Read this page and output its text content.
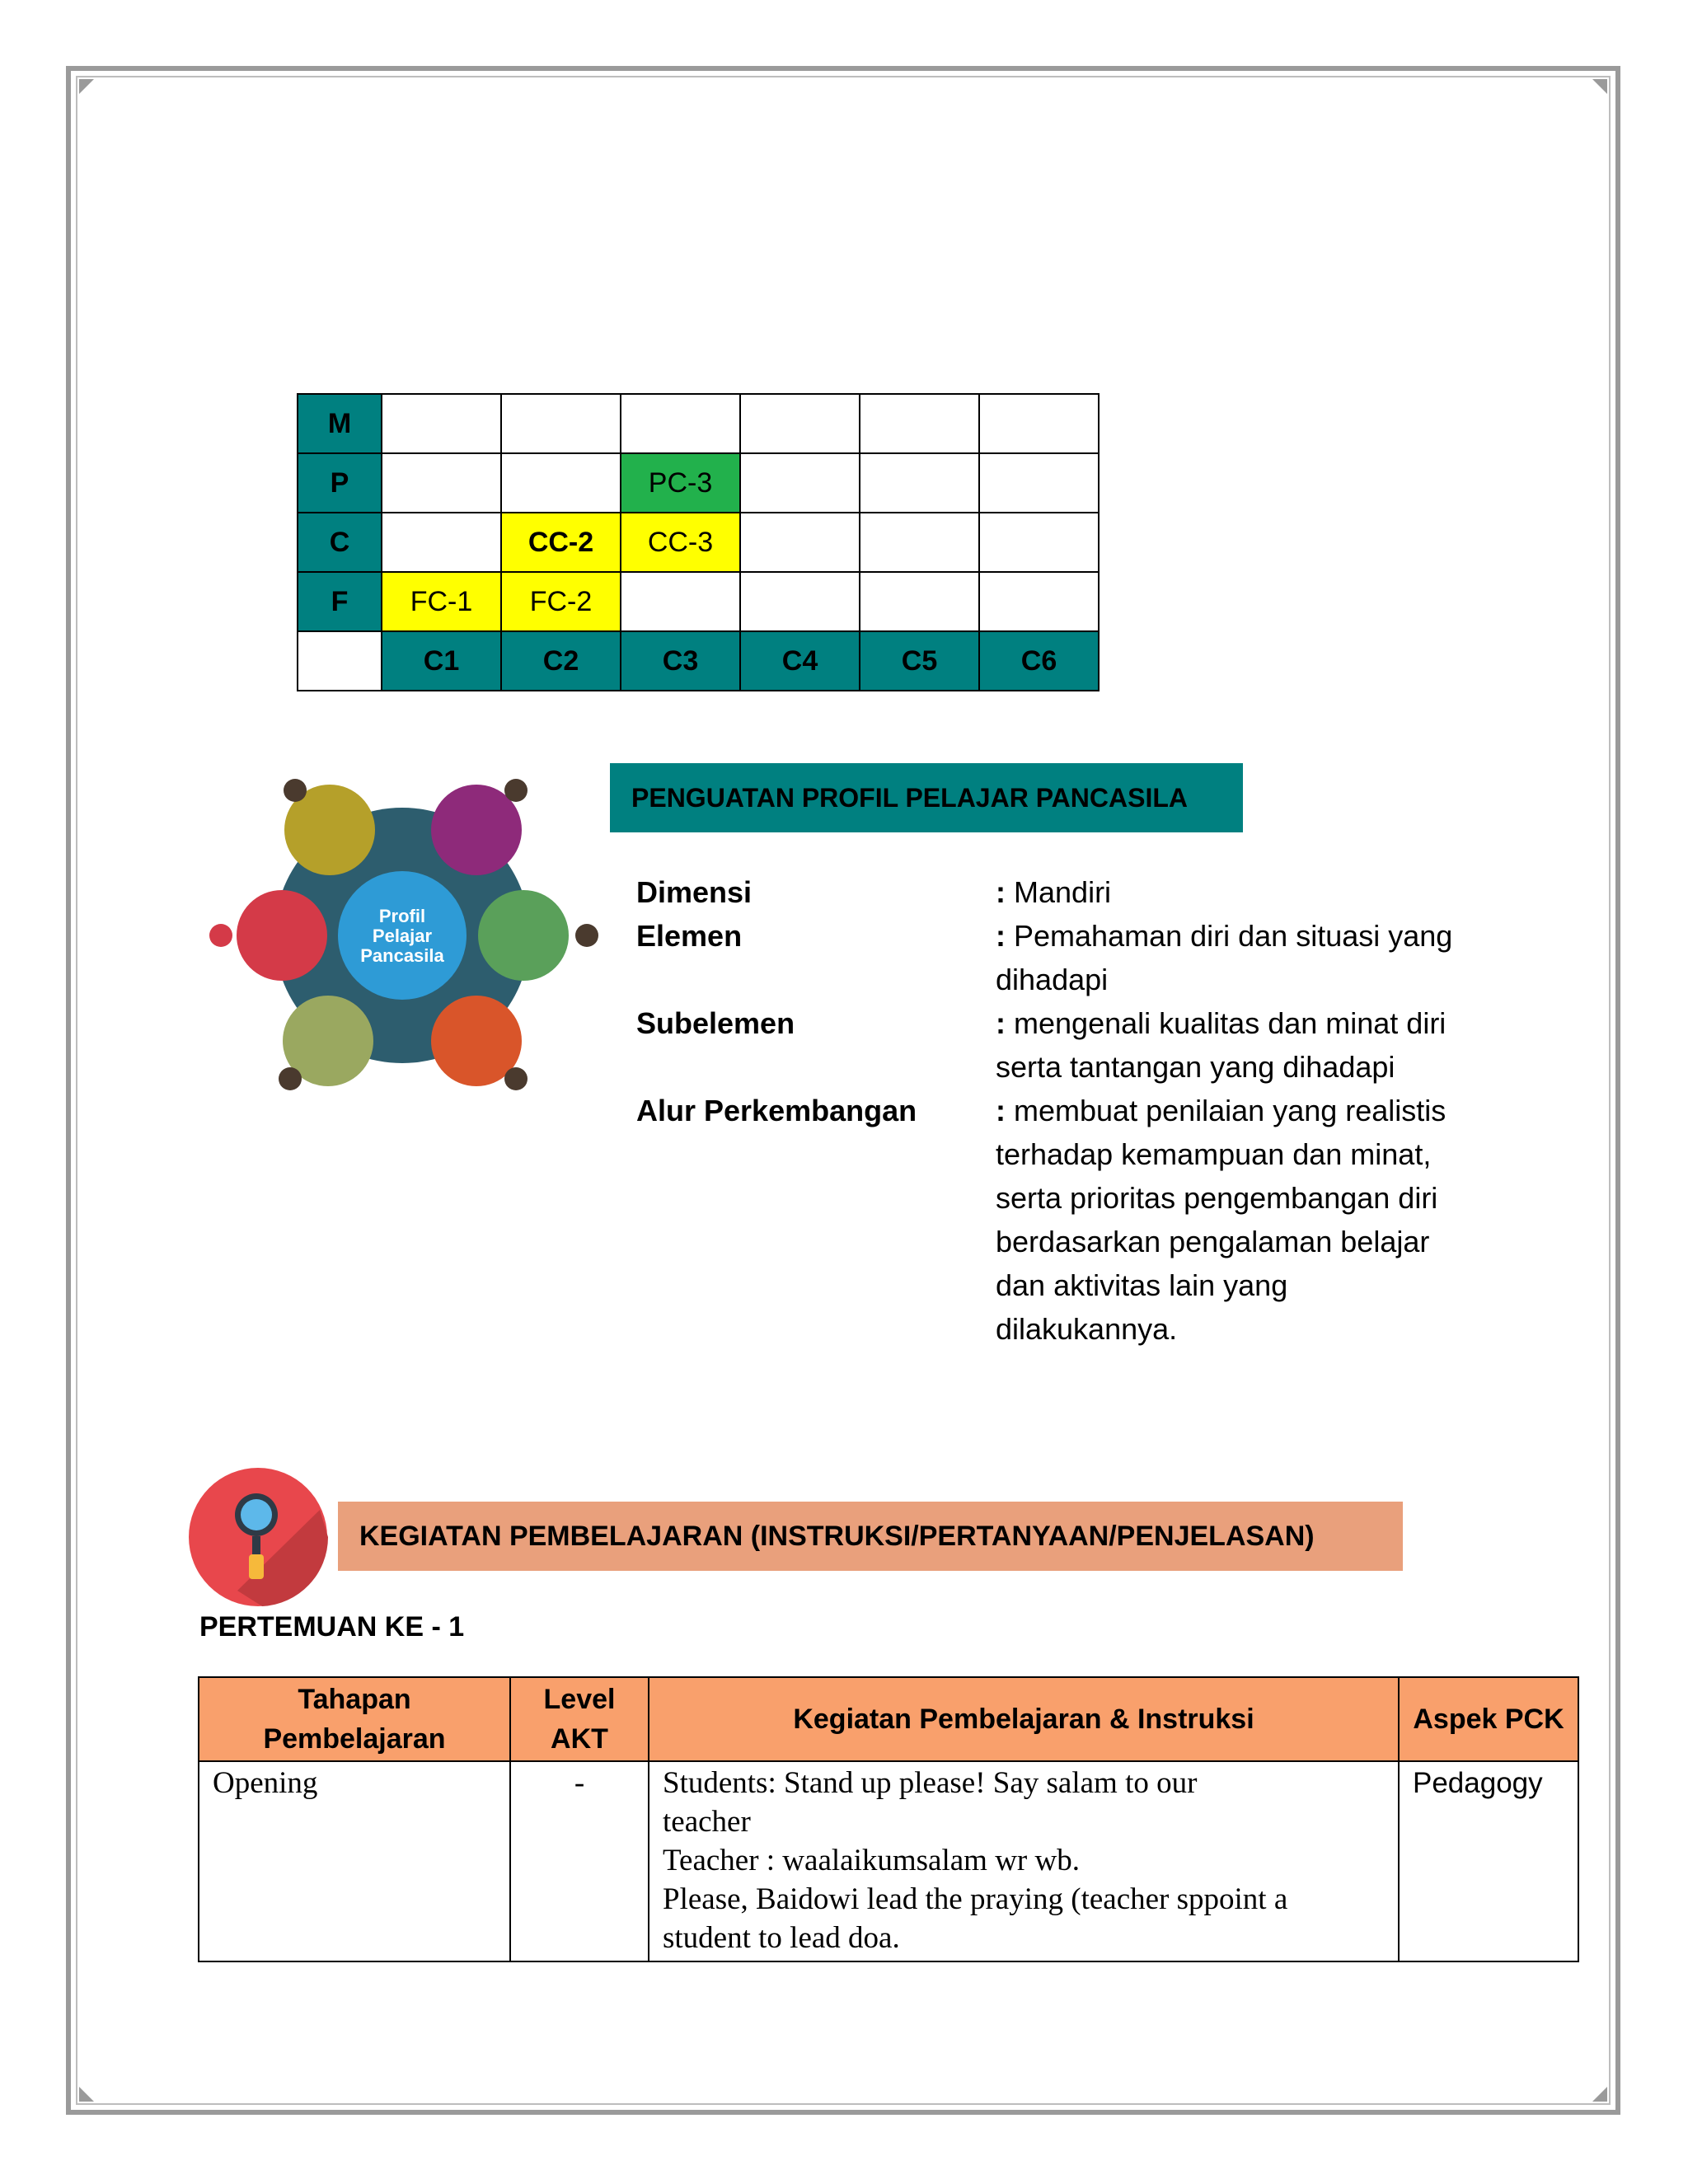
M						
P			PC-3			
C		CC-2	CC-3			
F	FC-1	FC-2				
	C1	C2	C3	C4	C5	C6
Profil
Pelajar
Pancasila
PENGUATAN PROFIL PELAJAR PANCASILA
Dimensi	: Mandiri
Elemen	: Pemahaman diri dan situasi yang
dihadapi
Subelemen	: mengenali kualitas dan minat diri
serta tantangan yang dihadapi
Alur Perkembangan	: membuat penilaian yang realistis
terhadap kemampuan dan minat,
serta prioritas pengembangan diri
berdasarkan pengalaman belajar
dan aktivitas lain yang
dilakukannya.
KEGIATAN PEMBELAJARAN (INSTRUKSI/PERTANYAAN/PENJELASAN)
PERTEMUAN KE - 1
Tahapan Pembelajaran	Level AKT	Kegiatan Pembelajaran & Instruksi	Aspek PCK
Opening	-	Students: Stand up please! Say salam to our
teacher
Teacher : waalaikumsalam wr wb.
Please, Baidowi lead the praying (teacher sppoint a
student to lead doa.	Pedagogy
